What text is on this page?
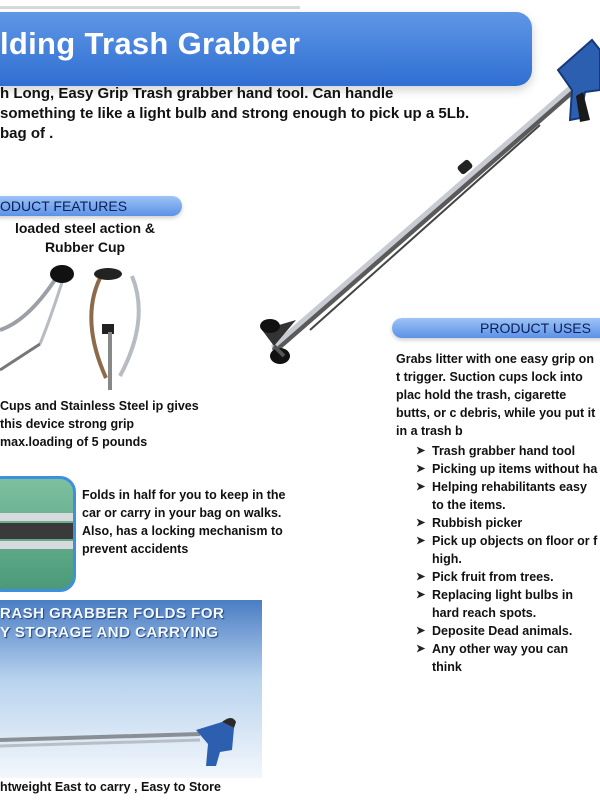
lding Trash Grabber
h Long, Easy Grip Trash grabber hand tool. Can handle something te like a light bulb and strong enough to pick up a 5Lb. bag of .
ODUCT FEATURES
loaded steel action & Rubber Cup
Cups and Stainless Steel ip gives this device strong grip max.loading of 5 pounds
Folds in half for you to keep in the car or carry in your bag on walks. Also, has a locking mechanism to prevent accidents
RASH GRABBER FOLDS FOR
Y STORAGE AND CARRYING
htweight East to carry , Easy to Store
PRODUCT USES
Grabs litter with one easy grip on t trigger. Suction cups lock into plac hold the trash, cigarette butts, or c debris, while you put it in a trash b
➤ Trash grabber hand tool
➤ Picking up items without ha
➤ Helping rehabilitants easy to the items.
➤ Rubbish picker
➤ Pick up objects on floor or f high.
➤ Pick fruit from trees.
➤ Replacing light bulbs in hard reach spots.
➤ Deposite Dead animals.
➤ Any other way you can think
